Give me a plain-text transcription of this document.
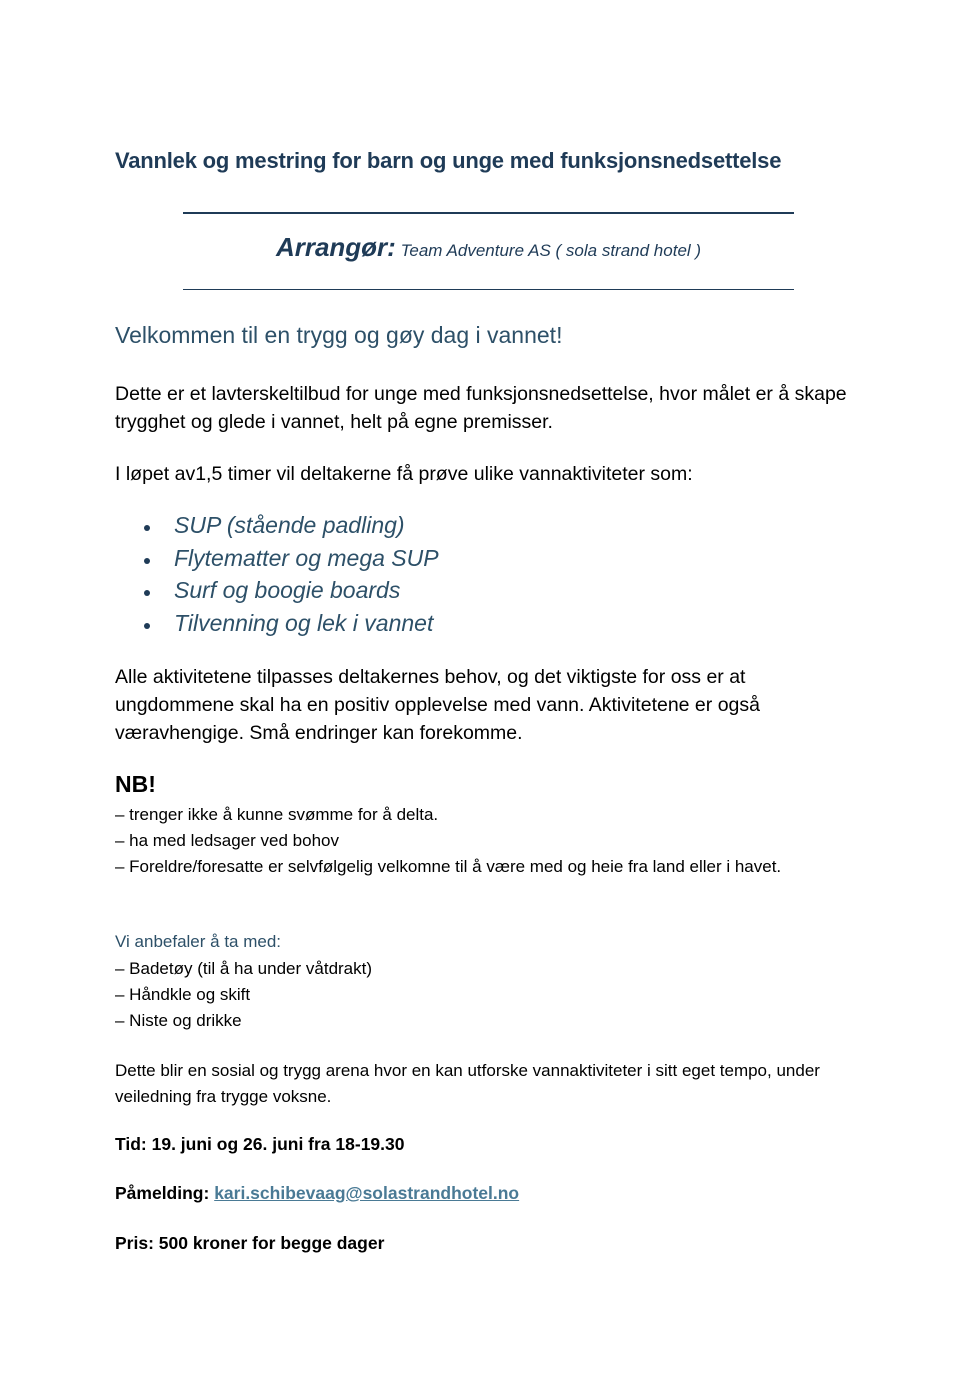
Vannlek og mestring for barn og unge med funksjonsnedsettelse
Arrangør: Team Adventure AS ( sola strand hotel )
Velkommen til en trygg og gøy dag i vannet!

Dette er et lavterskeltilbud for unge med funksjonsnedsettelse, hvor målet er å skape trygghet og glede i vannet, helt på egne premisser.

I løpet av1,5 timer vil deltakerne få prøve ulike vannaktiviteter som:

SUP (stående padling)
Flytematter og mega SUP
Surf og boogie boards
Tilvenning og lek i vannet

Alle aktivitetene tilpasses deltakernes behov, og det viktigste for oss er at ungdommene skal ha en positiv opplevelse med vann. Aktivitetene er også væravhengige. Små endringer kan forekomme.

NB!
– trenger ikke å kunne svømme for å delta.
– ha med ledsager ved bohov
– Foreldre/foresatte er selvfølgelig velkomne til å være med og heie fra land eller i havet.
Vi anbefaler å ta med:
– Badetøy (til å ha under våtdrakt)
– Håndkle og skift
– Niste og drikke

Dette blir en sosial og trygg arena hvor en kan utforske vannaktiviteter i sitt eget tempo, under veiledning fra trygge voksne.

Tid: 19. juni og 26. juni fra 18-19.30
Påmelding: kari.schibevaag@solastrandhotel.no
Pris: 500 kroner for begge dager
